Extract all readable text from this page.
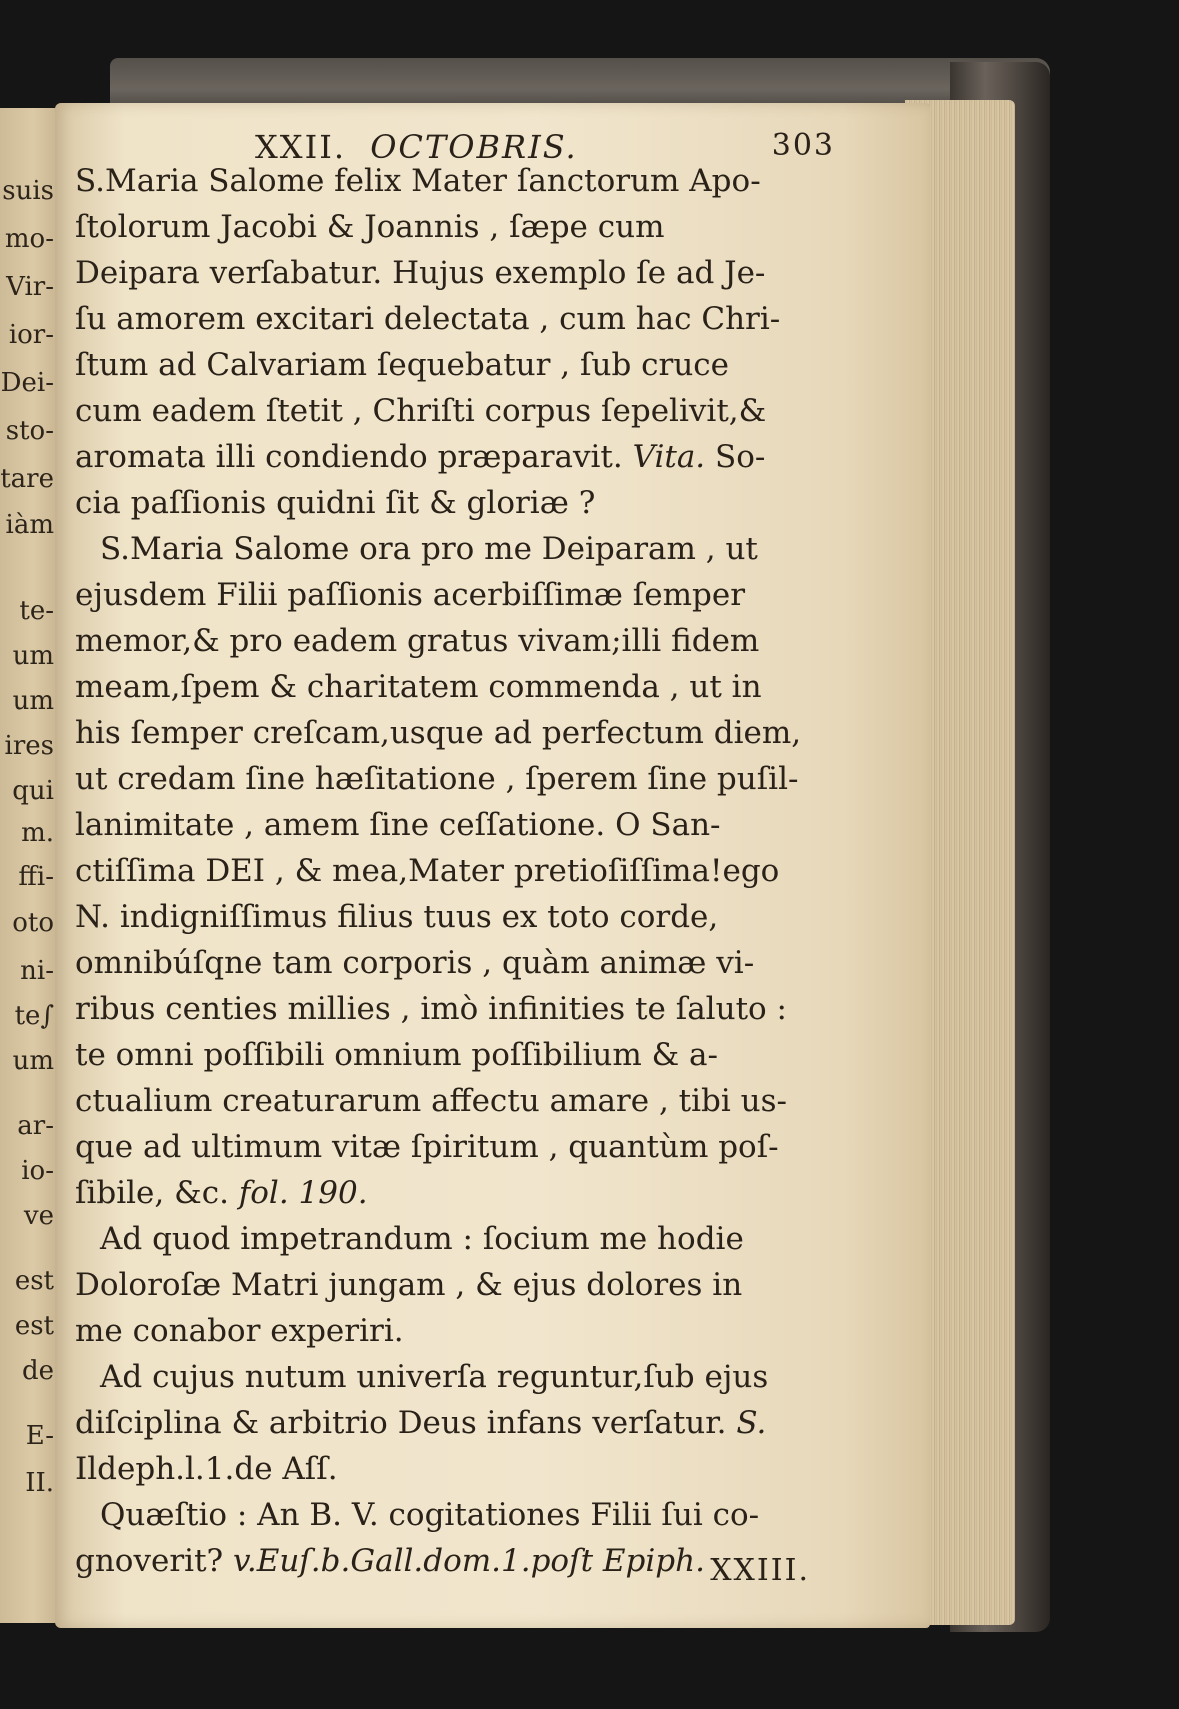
suis
mo-
Vir-
ior-
Dei-
sto-
tare
iàm
te-
um
um
ires
qui
m.
ffi-
oto
ni-
te∫
um
ar-
io-
ve
est
est
de
E-
II.
XXII. OCTOBRIS.	303
S.Maria Salome felix Mater ſanctorum Apo-
ſtolorum Jacobi & Joannis , ſæpe cum
Deipara verſabatur. Hujus exemplo ſe ad Je-
ſu amorem excitari delectata , cum hac Chri-
ſtum ad Calvariam ſequebatur , ſub cruce
cum eadem ſtetit , Chriſti corpus ſepelivit,&
aromata illi condiendo præparavit. Vita. So-
cia paſſionis quidni ſit & gloriæ ?
S.Maria Salome ora pro me Deiparam , ut
ejusdem Filii paſſionis acerbiſſimæ ſemper
memor,& pro eadem gratus vivam;illi fidem
meam,ſpem & charitatem commenda , ut in
his ſemper creſcam,usque ad perfectum diem,
ut credam ſine hæſitatione , ſperem ſine puſil-
lanimitate , amem ſine ceſſatione. O San-
ctiſſima DEI , & mea,Mater pretioſiſſima!ego
N. indigniſſimus filius tuus ex toto corde,
omnibúſqne tam corporis , quàm animæ vi-
ribus centies millies , imò infinities te ſaluto :
te omni poſſibili omnium poſſibilium & a-
ctualium creaturarum affectu amare , tibi us-
que ad ultimum vitæ ſpiritum , quantùm poſ-
ſibile, &c. fol. 190.
Ad quod impetrandum : ſocium me hodie
Doloroſæ Matri jungam , & ejus dolores in
me conabor experiri.
Ad cujus nutum univerſa reguntur,ſub ejus
diſciplina & arbitrio Deus infans verſatur. S.
Ildeph.l.1.de Aſſ.
Quæſtio : An B. V. cogitationes Filii ſui co-
gnoverit? v.Euſ.b.Gall.dom.1.poſt Epiph. XXIII.
